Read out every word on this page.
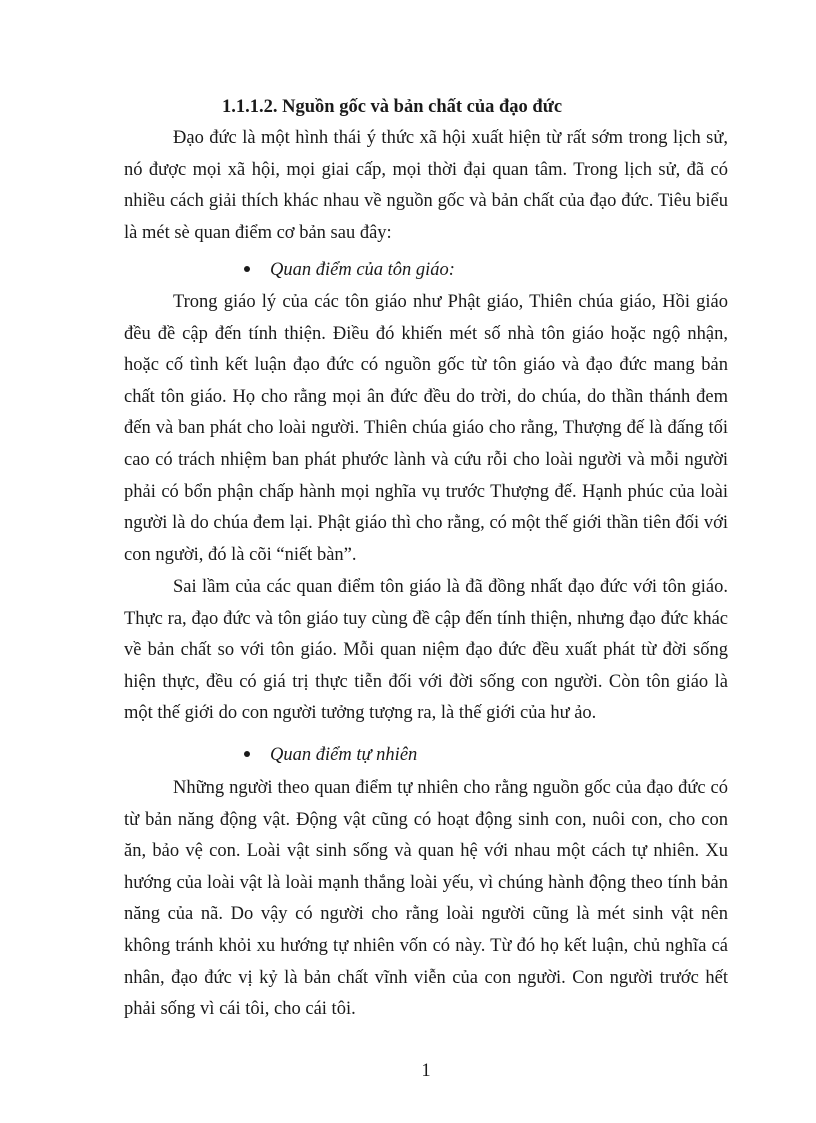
1.1.1.2. Nguồn gốc và bản chất của đạo đức

Đạo đức là một hình thái ý thức xã hội xuất hiện từ rất sớm trong lịch sử, nó được mọi xã hội, mọi giai cấp, mọi thời đại quan tâm. Trong lịch sử, đã có nhiều cách giải thích khác nhau về nguồn gốc và bản chất của đạo đức. Tiêu biểu là mét sè quan điểm cơ bản sau đây:

Quan điểm của tôn giáo:

Trong giáo lý của các tôn giáo như Phật giáo, Thiên chúa giáo, Hồi giáo đều đề cập đến tính thiện. Điều đó khiến mét số nhà tôn giáo hoặc ngộ nhận, hoặc cố tình kết luận đạo đức có nguồn gốc từ tôn giáo và đạo đức mang bản chất tôn giáo. Họ cho rằng mọi ân đức đều do trời, do chúa, do thần thánh đem đến và ban phát cho loài người. Thiên chúa giáo cho rằng, Thượng đế là đấng tối cao có trách nhiệm ban phát phước lành và cứu rỗi cho loài người và mỗi người phải có bổn phận chấp hành mọi nghĩa vụ trước Thượng đế. Hạnh phúc của loài người là do chúa đem lại. Phật giáo thì cho rằng, có một thế giới thần tiên đối với con người, đó là cõi “niết bàn”.

Sai lầm của các quan điểm tôn giáo là đã đồng nhất đạo đức với tôn giáo. Thực ra, đạo đức và tôn giáo tuy cùng đề cập đến tính thiện, nhưng đạo đức khác về bản chất so với tôn giáo. Mỗi quan niệm đạo đức đều xuất phát từ đời sống hiện thực, đều có giá trị thực tiễn đối với đời sống con người. Còn tôn giáo là một thế giới do con người tưởng tượng ra, là thế giới của hư ảo.

Quan điểm tự nhiên

Những người theo quan điểm tự nhiên cho rằng nguồn gốc của đạo đức có từ bản năng động vật. Động vật cũng có hoạt động sinh con, nuôi con, cho con ăn, bảo vệ con. Loài vật sinh sống và quan hệ với nhau một cách tự nhiên. Xu hướng của loài vật là loài mạnh thắng loài yếu, vì chúng hành động theo tính bản năng của nã. Do vậy có người cho rằng loài người cũng là mét sinh vật nên không tránh khỏi xu hướng tự nhiên vốn có này. Từ đó họ kết luận, chủ nghĩa cá nhân, đạo đức vị kỷ là bản chất vĩnh viễn của con người. Con người trước hết phải sống vì cái tôi, cho cái tôi.

1
